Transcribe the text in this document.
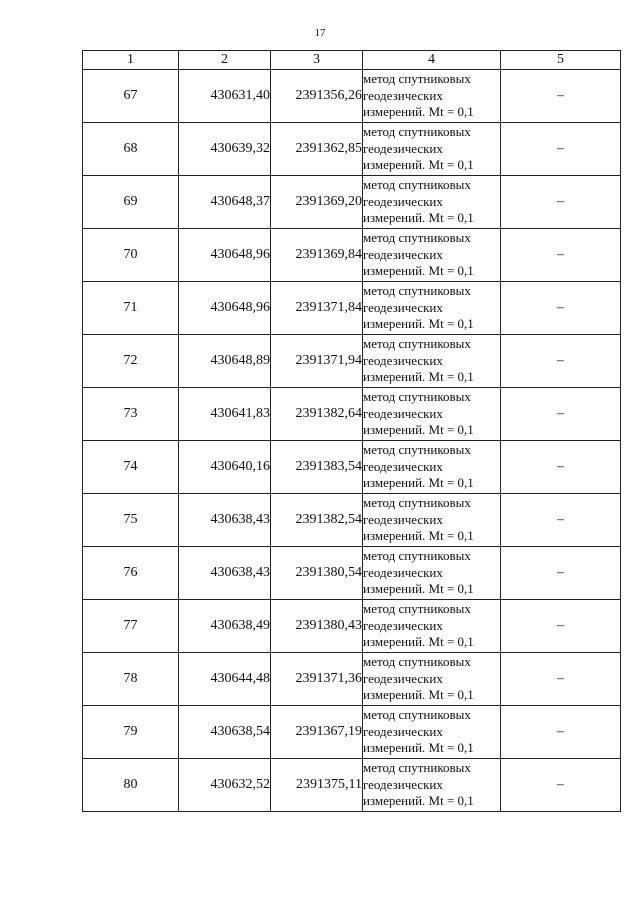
17
1	2	3	4	5
67	430631,40	2391356,26	метод спутниковых
геодезических
измерений. Mt = 0,1	–
68	430639,32	2391362,85	метод спутниковых
геодезических
измерений. Mt = 0,1	–
69	430648,37	2391369,20	метод спутниковых
геодезических
измерений. Mt = 0,1	–
70	430648,96	2391369,84	метод спутниковых
геодезических
измерений. Mt = 0,1	–
71	430648,96	2391371,84	метод спутниковых
геодезических
измерений. Mt = 0,1	–
72	430648,89	2391371,94	метод спутниковых
геодезических
измерений. Mt = 0,1	–
73	430641,83	2391382,64	метод спутниковых
геодезических
измерений. Mt = 0,1	–
74	430640,16	2391383,54	метод спутниковых
геодезических
измерений. Mt = 0,1	–
75	430638,43	2391382,54	метод спутниковых
геодезических
измерений. Mt = 0,1	–
76	430638,43	2391380,54	метод спутниковых
геодезических
измерений. Mt = 0,1	–
77	430638,49	2391380,43	метод спутниковых
геодезических
измерений. Mt = 0,1	–
78	430644,48	2391371,36	метод спутниковых
геодезических
измерений. Mt = 0,1	–
79	430638,54	2391367,19	метод спутниковых
геодезических
измерений. Mt = 0,1	–
80	430632,52	2391375,11	метод спутниковых
геодезических
измерений. Mt = 0,1	–
